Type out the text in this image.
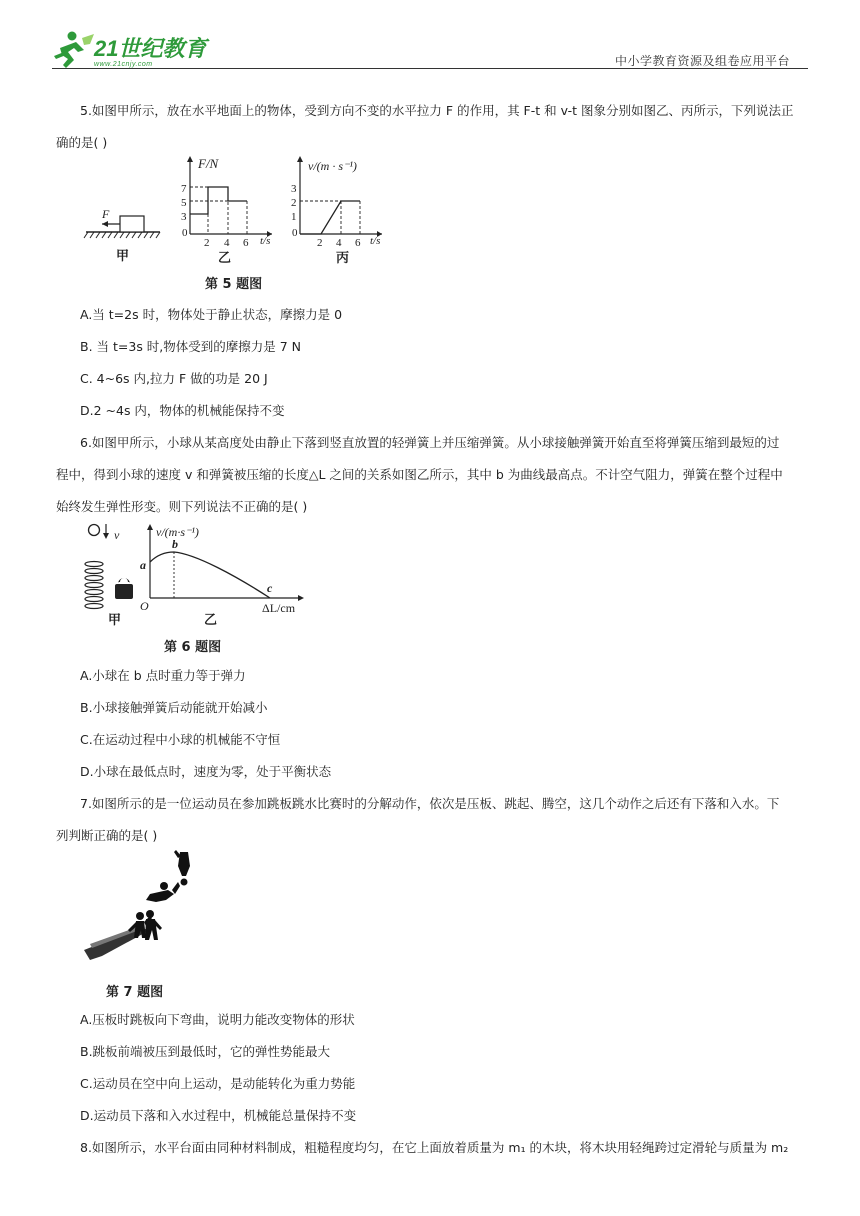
21世纪教育
www.21cnjy.com	中小学教育资源及组卷应用平台
5.如图甲所示，放在水平地面上的物体，受到方向不变的水平拉力 F 的作用，其 F-t 和 v-t 图象分别如图乙、丙所示，下列说法正
确的是( )
F
甲
F/N
t/s
0
2 4 6
3
5
7
乙
v/(m · s⁻¹)
t/s
0
2 4 6
1
2
3
丙
第 5 题图
A.当 t=2s 时，物体处于静止状态，摩擦力是 0
B. 当 t=3s 时,物体受到的摩擦力是 7 N
C. 4~6s 内,拉力 F 做的功是 20 J
D.2 ~4s 内，物体的机械能保持不变
6.如图甲所示，小球从某高度处由静止下落到竖直放置的轻弹簧上并压缩弹簧。从小球接触弹簧开始直至将弹簧压缩到最短的过
程中，得到小球的速度 v 和弹簧被压缩的长度△L 之间的关系如图乙所示，其中 b 为曲线最高点。不计空气阻力，弹簧在整个过程中
始终发生弹性形变。则下列说法不正确的是( )
v
甲
v/(m·s⁻¹)
ΔL/cm
O
a
b
c
乙
第 6 题图
A.小球在 b 点时重力等于弹力
B.小球接触弹簧后动能就开始减小
C.在运动过程中小球的机械能不守恒
D.小球在最低点时，速度为零，处于平衡状态
7.如图所示的是一位运动员在参加跳板跳水比赛时的分解动作，依次是压板、跳起、腾空，这几个动作之后还有下落和入水。下
列判断正确的是( )
第 7 题图
A.压板时跳板向下弯曲，说明力能改变物体的形状
B.跳板前端被压到最低时，它的弹性势能最大
C.运动员在空中向上运动，是动能转化为重力势能
D.运动员下落和入水过程中，机械能总量保持不变
8.如图所示，水平台面由同种材料制成，粗糙程度均匀，在它上面放着质量为 m₁ 的木块，将木块用轻绳跨过定滑轮与质量为 m₂
